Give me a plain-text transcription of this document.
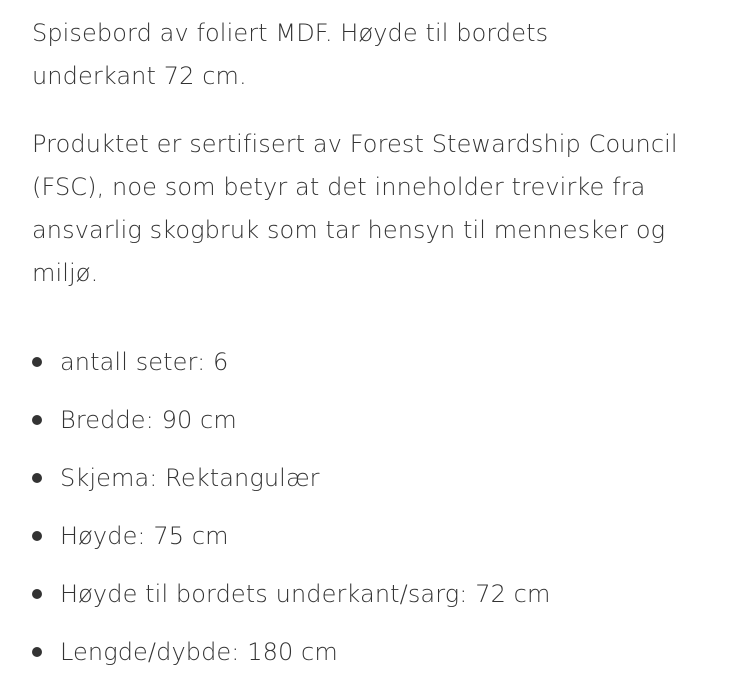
Spisebord av foliert MDF. Høyde til bordets
underkant 72 cm.

Produktet er sertifisert av Forest Stewardship Council
(FSC), noe som betyr at det inneholder trevirke fra
ansvarlig skogbruk som tar hensyn til mennesker og
miljø.

antall seter: 6
Bredde: 90 cm
Skjema: Rektangulær
Høyde: 75 cm
Høyde til bordets underkant/sarg: 72 cm
Lengde/dybde: 180 cm
